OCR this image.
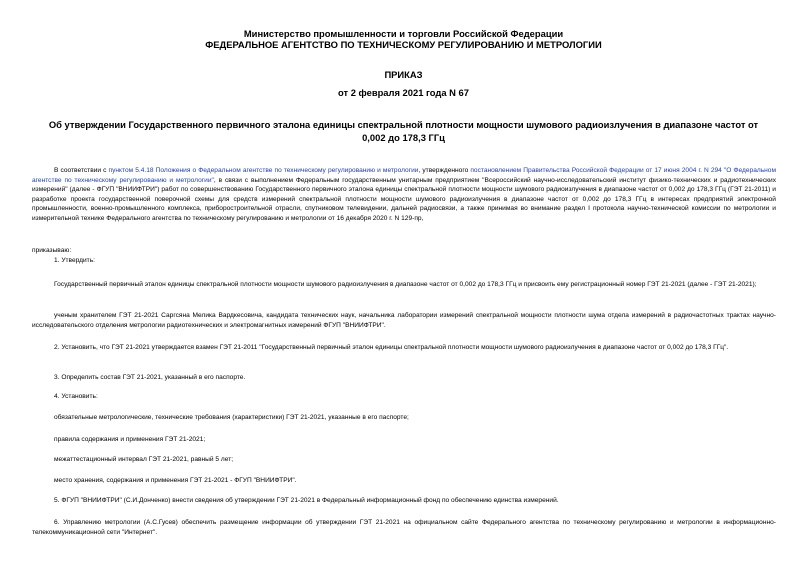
Министерство промышленности и торговли Российской Федерации
ФЕДЕРАЛЬНОЕ АГЕНТСТВО ПО ТЕХНИЧЕСКОМУ РЕГУЛИРОВАНИЮ И МЕТРОЛОГИИ
ПРИКАЗ
от 2 февраля 2021 года N 67
Об утверждении Государственного первичного эталона единицы спектральной плотности мощности шумового радиоизлучения в диапазоне частот от 0,002 до 178,3 ГГц
В соответствии с пунктом 5.4.18 Положения о Федеральном агентстве по техническому регулированию и метрологии, утвержденного постановлением Правительства Российской Федерации от 17 июня 2004 г. N 294 "О Федеральном агентстве по техническому регулированию и метрологии", в связи с выполнением Федеральным государственным унитарным предприятием "Всероссийский научно-исследовательский институт физико-технических и радиотехнических измерений" (далее - ФГУП "ВНИИФТРИ") работ по совершенствованию Государственного первичного эталона единицы спектральной плотности мощности шумового радиоизлучения в диапазоне частот от 0,002 до 178,3 ГГц (ГЭТ 21-2011) и разработке проекта государственной поверочной схемы для средств измерений спектральной плотности мощности шумового радиоизлучения в диапазоне частот от 0,002 до 178,3 ГГц в интересах предприятий электронной промышленности, военно-промышленного комплекса, приборостроительной отрасли, спутниковом телевидении, дальней радиосвязи, а также принимая во внимание раздел I протокола научно-технической комиссии по метрологии и измерительной технике Федерального агентства по техническому регулированию и метрологии от 16 декабря 2020 г. N 129-пр,
приказываю:
1. Утвердить:
Государственный первичный эталон единицы спектральной плотности мощности шумового радиоизлучения в диапазоне частот от 0,002 до 178,3 ГГц и присвоить ему регистрационный номер ГЭТ 21-2021 (далее - ГЭТ 21-2021);
ученым хранителем ГЭТ 21-2021 Саргсяна Мелика Вардкесовича, кандидата технических наук, начальника лаборатории измерений спектральной мощности плотности шума отдела измерений в радиочастотных трактах научно-исследовательского отделения метрологии радиотехнических и электромагнитных измерений ФГУП "ВНИИФТРИ".
2. Установить, что ГЭТ 21-2021 утверждается взамен ГЭТ 21-2011 "Государственный первичный эталон единицы спектральной плотности мощности шумового радиоизлучения в диапазоне частот от 0,002 до 178,3 ГГц".
3. Определить состав ГЭТ 21-2021, указанный в его паспорте.
4. Установить:
обязательные метрологические, технические требования (характеристики) ГЭТ 21-2021, указанные в его паспорте;
правила содержания и применения ГЭТ 21-2021;
межаттестационный интервал ГЭТ 21-2021, равный 5 лет;
место хранения, содержания и применения ГЭТ 21-2021 - ФГУП "ВНИИФТРИ".
5. ФГУП "ВНИИФТРИ" (С.И.Донченко) внести сведения об утверждении ГЭТ 21-2021 в Федеральный информационный фонд по обеспечению единства измерений.
6. Управлению метрологии (А.С.Гусев) обеспечить размещение информации об утверждении ГЭТ 21-2021 на официальном сайте Федерального агентства по техническому регулированию и метрологии в информационно-телекоммуникационной сети "Интернет".
